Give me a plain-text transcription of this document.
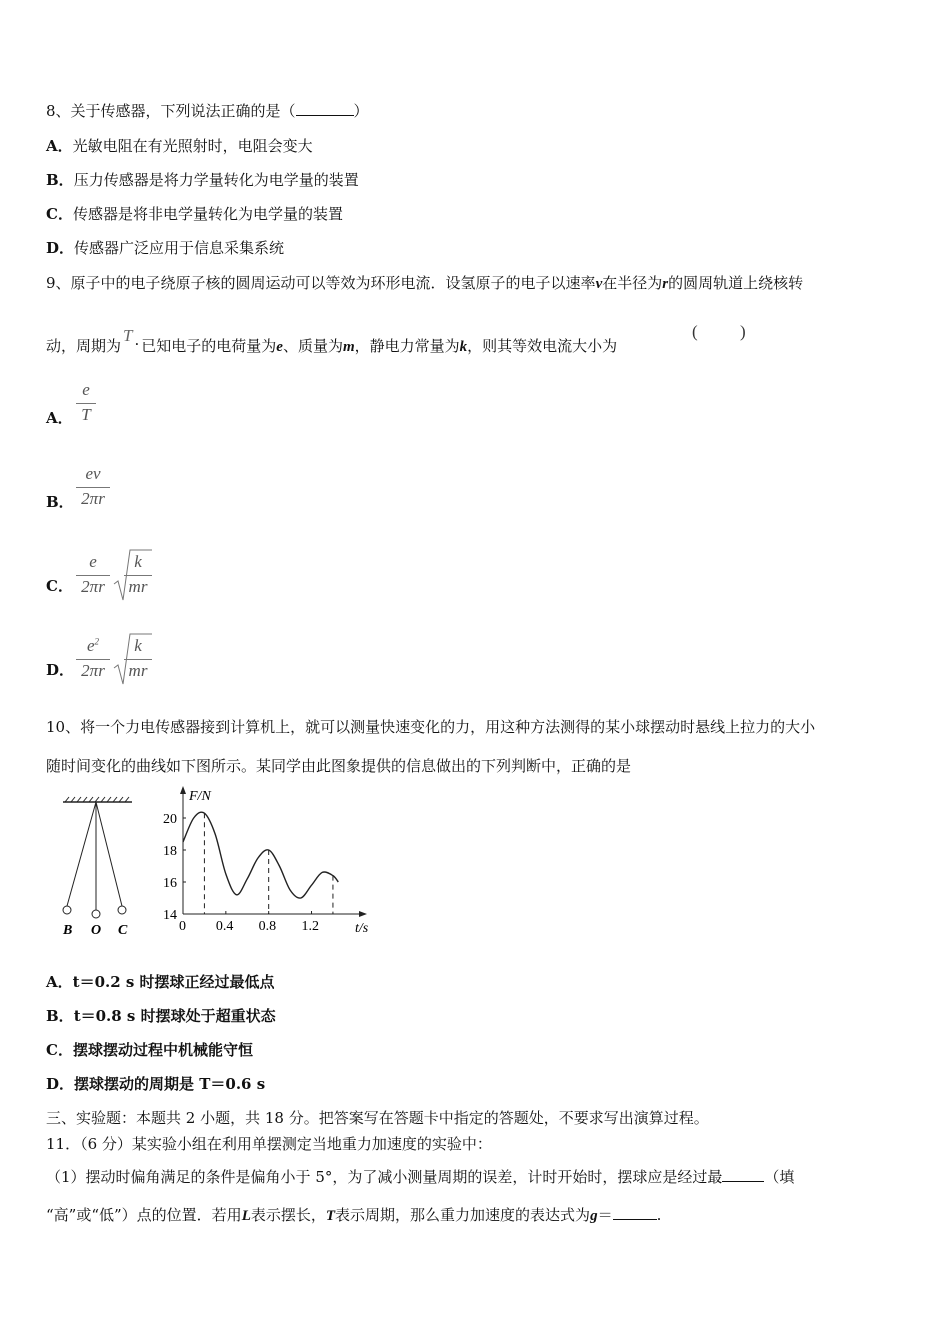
8、关于传感器，下列说法正确的是（	）
A．光敏电阻在有光照射时，电阻会变大
B．压力传感器是将力学量转化为电学量的装置
C．传感器是将非电学量转化为电学量的装置
D．传感器广泛应用于信息采集系统
9、原子中的电子绕原子核的圆周运动可以等效为环形电流．设氢原子的电子以速率v在半径为r的圆周轨道上绕核转
动，周期为T . 已知电子的电荷量为e、质量为m，静电力常量为k，则其等效电流大小为
( )
A．
e
T
B．
ev
2πr
C．
e
2πr
k
mr
D．
$e^2$
2πr
k
mr
10、将一个力电传感器接到计算机上，就可以测量快速变化的力，用这种方法测得的某小球摆动时悬线上拉力的大小
随时间变化的曲线如下图所示。某同学由此图象提供的信息做出的下列判断中，正确的是
B O C
14
16
18
20
0 0.4 0.8 1.2
F/N
t/s
A．t＝0.2 s 时摆球正经过最低点
B．t＝0.8 s 时摆球处于超重状态
C．摆球摆动过程中机械能守恒
D．摆球摆动的周期是 T＝0.6 s
三、实验题：本题共 2 小题，共 18 分。把答案写在答题卡中指定的答题处，不要求写出演算过程。
11．（6 分）某实验小组在利用单摆测定当地重力加速度的实验中：
（1）摆动时偏角满足的条件是偏角小于 5°，为了减小测量周期的误差，计时开始时，摆球应是经过最	（填
“高”或“低”）点的位置．若用L表示摆长，T表示周期，那么重力加速度的表达式为g＝	.
